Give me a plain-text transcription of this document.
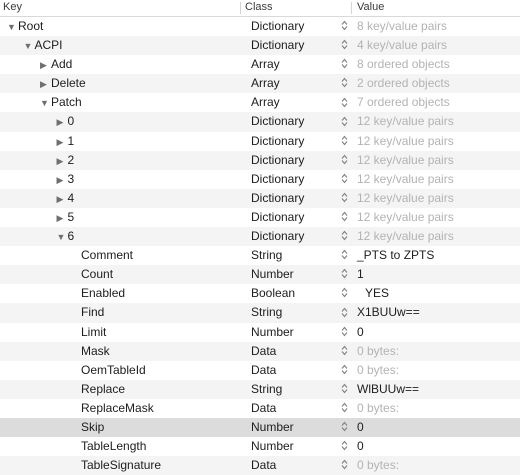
Key	Class	Value
▼ Root	Dictionary	8 key/value pairs
▼ ACPI	Dictionary	4 key/value pairs
▶ Add	Array	8 ordered objects
▶ Delete	Array	2 ordered objects
▼ Patch	Array	7 ordered objects
▶ 0	Dictionary	12 key/value pairs
▶ 1	Dictionary	12 key/value pairs
▶ 2	Dictionary	12 key/value pairs
▶ 3	Dictionary	12 key/value pairs
▶ 4	Dictionary	12 key/value pairs
▶ 5	Dictionary	12 key/value pairs
▼ 6	Dictionary	12 key/value pairs
Comment	String	_PTS to ZPTS
Count	Number	1
Enabled	Boolean	YES
Find	String	X1BUUw==
Limit	Number	0
Mask	Data	0 bytes:
OemTableId	Data	0 bytes:
Replace	String	WlBUUw==
ReplaceMask	Data	0 bytes:
Skip	Number	0
TableLength	Number	0
TableSignature	Data	0 bytes:
